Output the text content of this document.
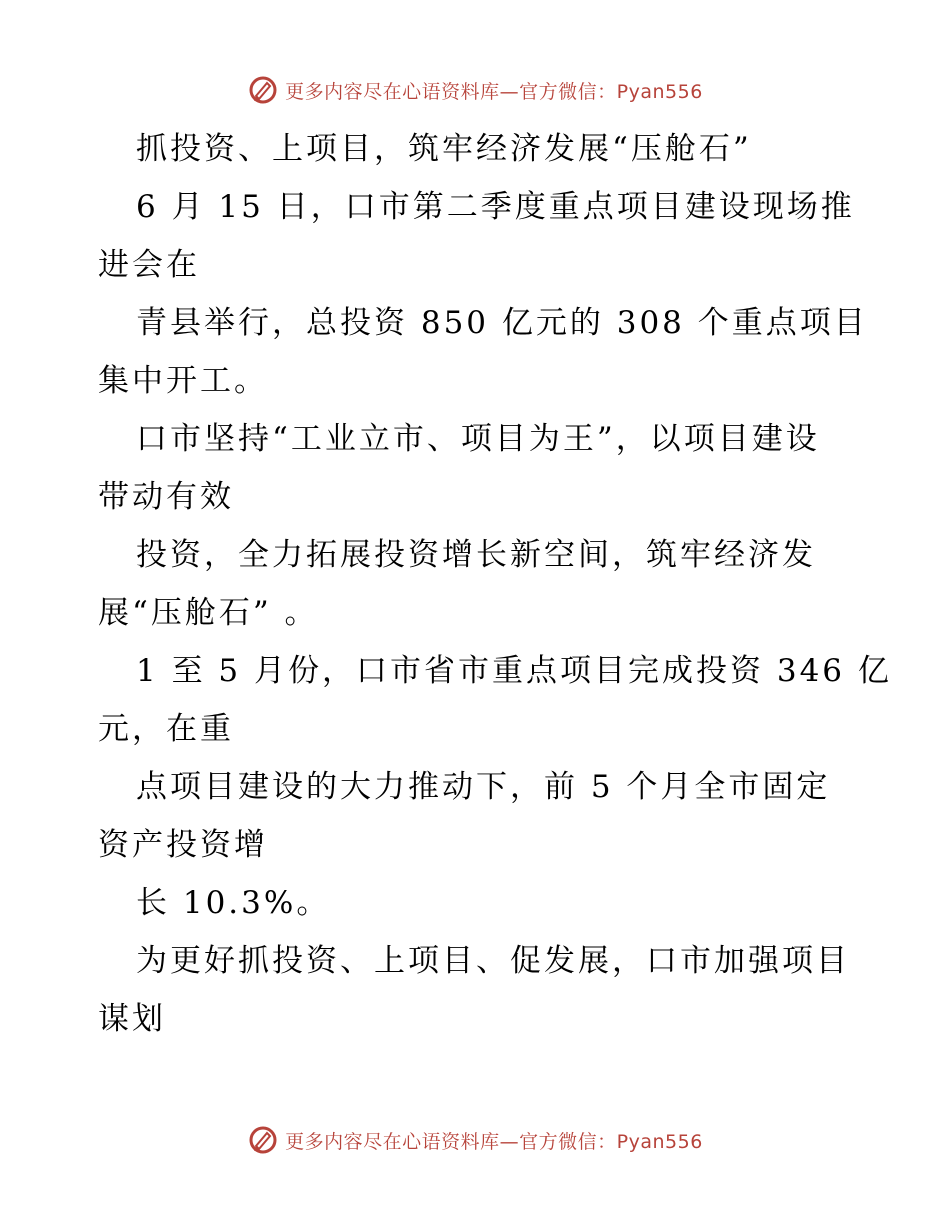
更多内容尽在心语资料库—官方微信：Pyan556
抓投资、上项目，筑牢经济发展“压舱石”
6 月 15 日，口市第二季度重点项目建设现场推
进会在
青县举行，总投资 850 亿元的 308 个重点项目
集中开工。
口市坚持“工业立市、项目为王”，以项目建设
带动有效
投资，全力拓展投资增长新空间，筑牢经济发
展“压舱石” 。
1 至 5 月份，口市省市重点项目完成投资 346 亿
元，在重
点项目建设的大力推动下，前 5 个月全市固定
资产投资增
长 10.3%。
为更好抓投资、上项目、促发展，口市加强项目
谋划
更多内容尽在心语资料库—官方微信：Pyan556
